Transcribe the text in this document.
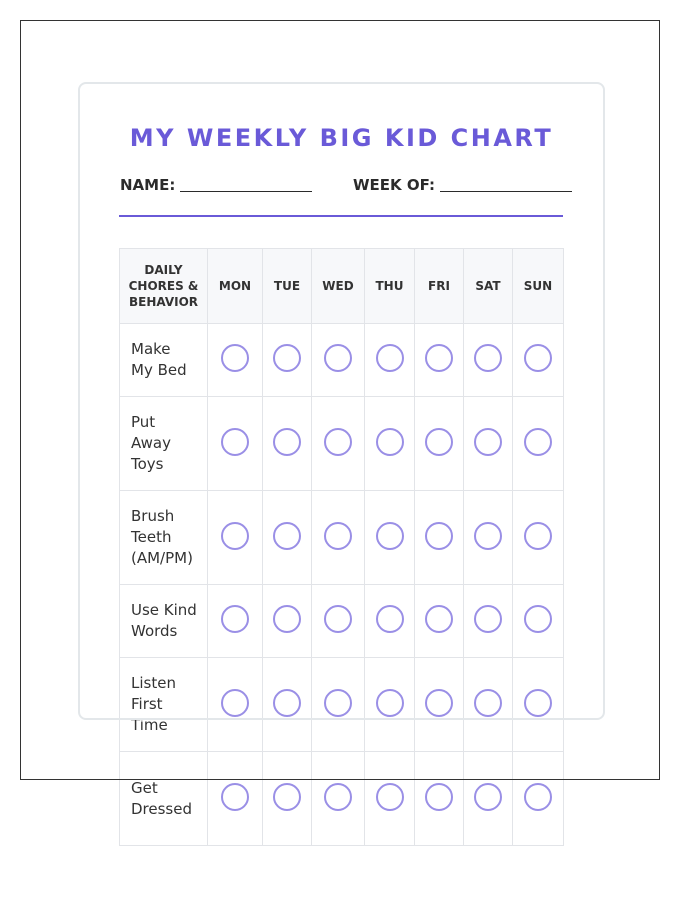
MY WEEKLY BIG KID CHART
NAME:	WEEK OF:
DAILY CHORES & BEHAVIOR	MON	TUE	WED	THU	FRI	SAT	SUN

Make
My Bed							

Put
Away
Toys							

Brush
Teeth
(AM/PM)							

Use Kind
Words							

Listen
First
Time							

Get
Dressed							
